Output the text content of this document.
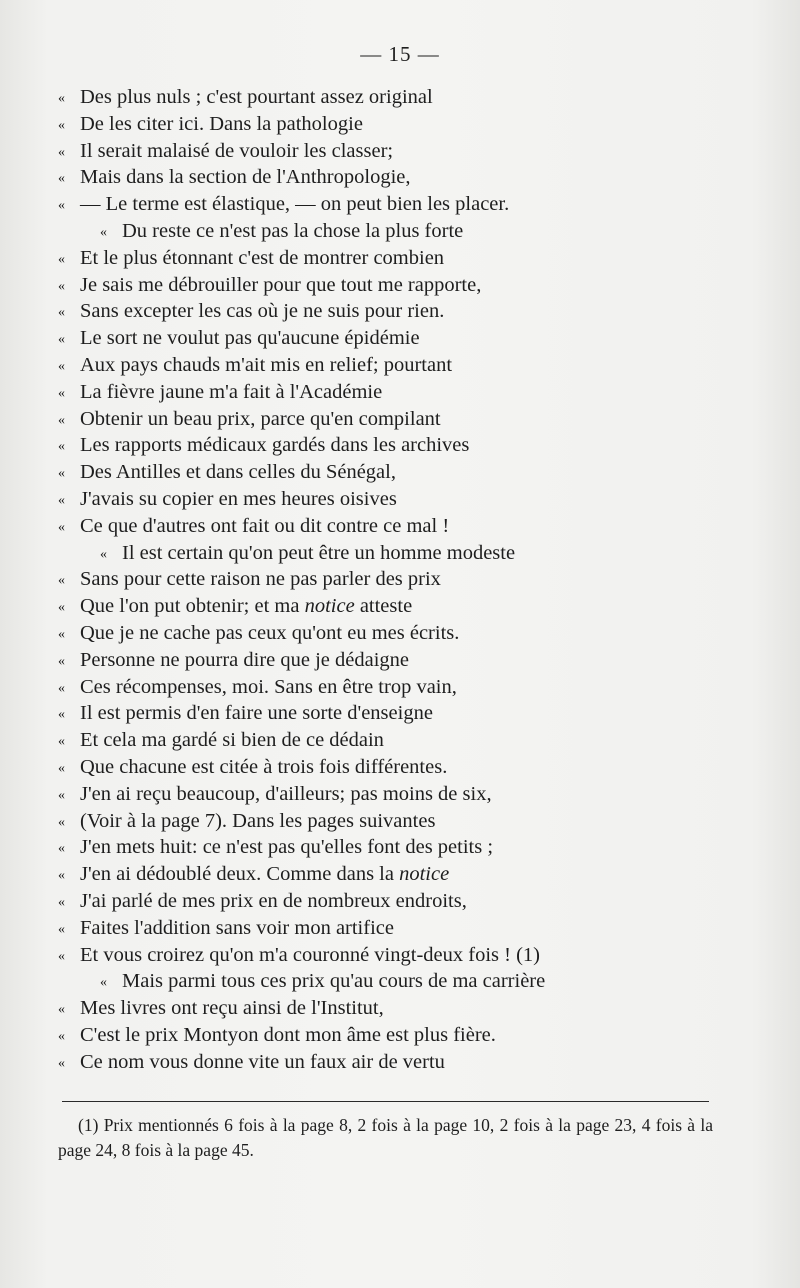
— 15 —
« Des plus nuls ; c'est pourtant assez original
« De les citer ici. Dans la pathologie
« Il serait malaisé de vouloir les classer;
« Mais dans la section de l'Anthropologie,
« — Le terme est élastique, — on peut bien les placer.
« Du reste ce n'est pas la chose la plus forte
« Et le plus étonnant c'est de montrer combien
« Je sais me débrouiller pour que tout me rapporte,
« Sans excepter les cas où je ne suis pour rien.
« Le sort ne voulut pas qu'aucune épidémie
« Aux pays chauds m'ait mis en relief; pourtant
« La fièvre jaune m'a fait à l'Académie
« Obtenir un beau prix, parce qu'en compilant
« Les rapports médicaux gardés dans les archives
« Des Antilles et dans celles du Sénégal,
« J'avais su copier en mes heures oisives
« Ce que d'autres ont fait ou dit contre ce mal !
« Il est certain qu'on peut être un homme modeste
« Sans pour cette raison ne pas parler des prix
« Que l'on put obtenir; et ma notice atteste
« Que je ne cache pas ceux qu'ont eu mes écrits.
« Personne ne pourra dire que je dédaigne
« Ces récompenses, moi. Sans en être trop vain,
« Il est permis d'en faire une sorte d'enseigne
« Et cela ma gardé si bien de ce dédain
« Que chacune est citée à trois fois différentes.
« J'en ai reçu beaucoup, d'ailleurs; pas moins de six,
« (Voir à la page 7). Dans les pages suivantes
« J'en mets huit: ce n'est pas qu'elles font des petits ;
« J'en ai dédoublé deux. Comme dans la notice
« J'ai parlé de mes prix en de nombreux endroits,
« Faites l'addition sans voir mon artifice
« Et vous croirez qu'on m'a couronné vingt-deux fois ! (1)
« Mais parmi tous ces prix qu'au cours de ma carrière
« Mes livres ont reçu ainsi de l'Institut,
« C'est le prix Montyon dont mon âme est plus fière.
« Ce nom vous donne vite un faux air de vertu
(1) Prix mentionnés 6 fois à la page 8, 2 fois à la page 10, 2 fois à la page 23, 4 fois à la page 24, 8 fois à la page 45.
